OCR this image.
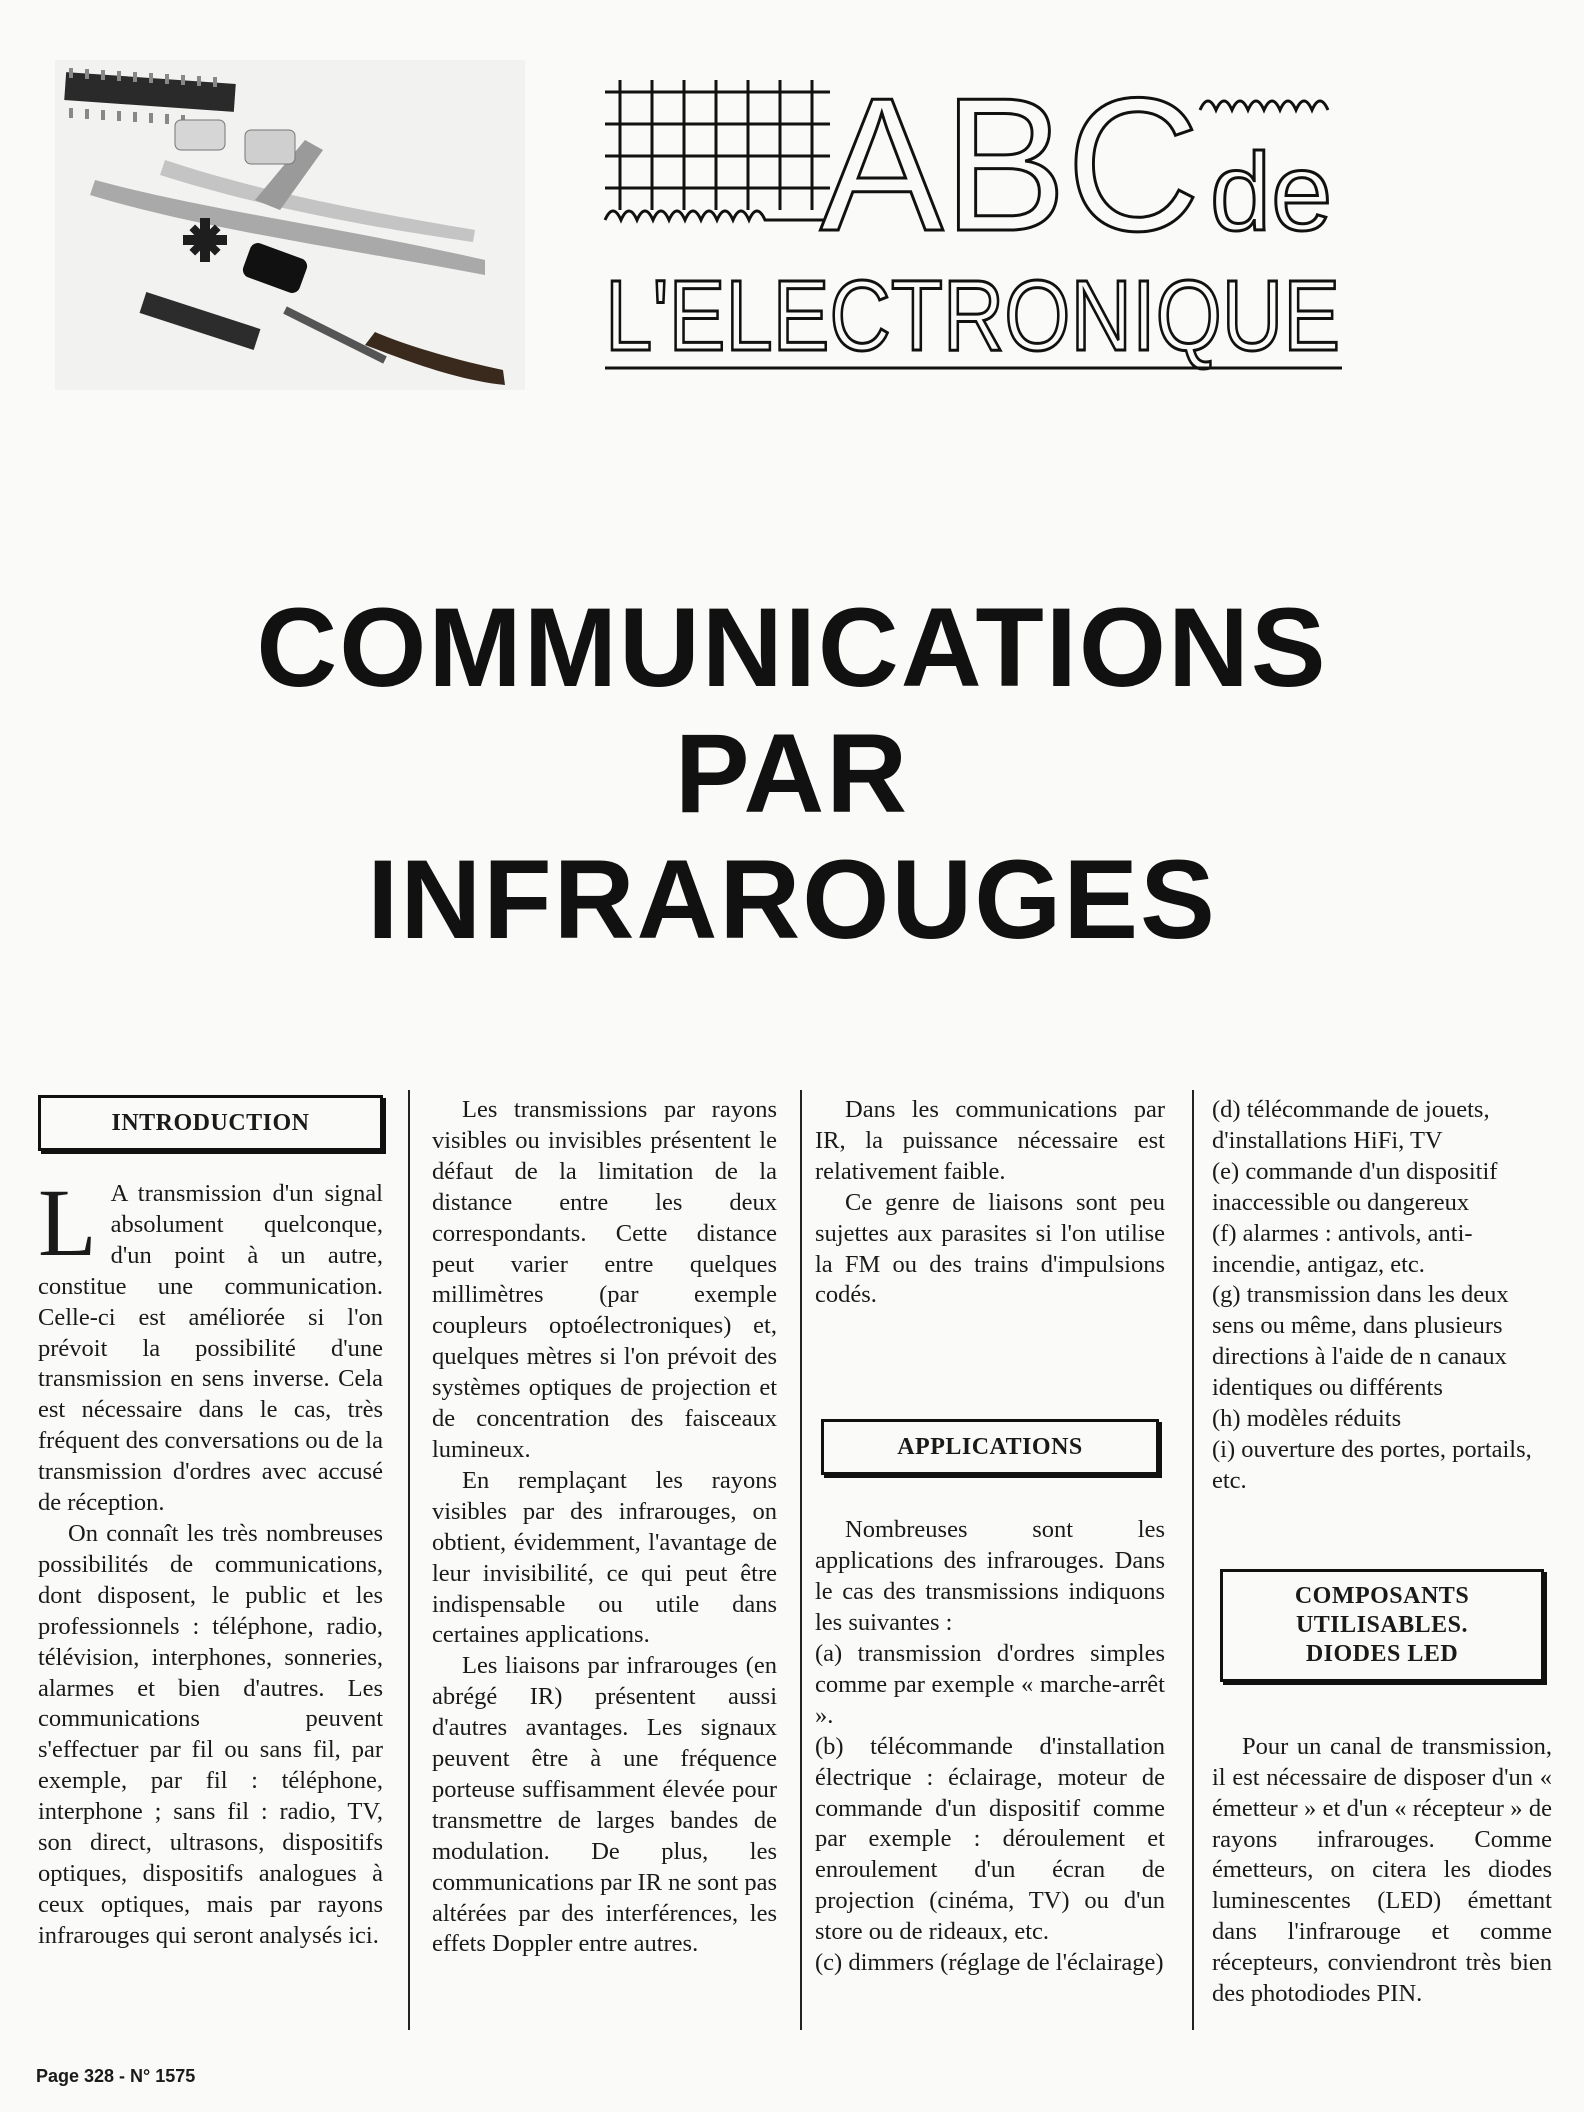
ABC de
L'ELECTRONIQUE
COMMUNICATIONS
PAR
INFRAROUGES
INTRODUCTION

L A transmission d'un signal absolument quelconque, d'un point à un autre, constitue une communication. Celle-ci est améliorée si l'on prévoit la possibilité d'une transmission en sens inverse. Cela est nécessaire dans le cas, très fréquent des conversations ou de la transmission d'ordres avec accusé de réception.

On connaît les très nombreuses possibilités de communications, dont disposent, le public et les professionnels : téléphone, radio, télévision, interphones, sonneries, alarmes et bien d'autres. Les communications peuvent s'effectuer par fil ou sans fil, par exemple, par fil : téléphone, interphone ; sans fil : radio, TV, son direct, ultrasons, dispositifs optiques, dispositifs analogues à ceux optiques, mais par rayons infrarouges qui seront analysés ici.

Les transmissions par rayons visibles ou invisibles présentent le défaut de la limitation de la distance entre les deux correspondants. Cette distance peut varier entre quelques millimètres (par exemple coupleurs optoélectroniques) et, quelques mètres si l'on prévoit des systèmes optiques de projection et de concentration des faisceaux lumineux.

En remplaçant les rayons visibles par des infrarouges, on obtient, évidemment, l'avantage de leur invisibilité, ce qui peut être indispensable ou utile dans certaines applications.

Les liaisons par infrarouges (en abrégé IR) présentent aussi d'autres avantages. Les signaux peuvent être à une fréquence porteuse suffisamment élevée pour transmettre de larges bandes de modulation. De plus, les communications par IR ne sont pas altérées par des interférences, les effets Doppler entre autres.

Dans les communications par IR, la puissance nécessaire est relativement faible.

Ce genre de liaisons sont peu sujettes aux parasites si l'on utilise la FM ou des trains d'impulsions codés.

APPLICATIONS

Nombreuses sont les applications des infrarouges. Dans le cas des transmissions indiquons les suivantes :

(a) transmission d'ordres simples comme par exemple « marche-arrêt ».

(b) télécommande d'installation électrique : éclairage, moteur de commande d'un dispositif comme par exemple : déroulement et enroulement d'un écran de projection (cinéma, TV) ou d'un store ou de rideaux, etc.

(c) dimmers (réglage de l'éclairage)

(d) télécommande de jouets, d'installations HiFi, TV

(e) commande d'un dispositif inaccessible ou dangereux

(f) alarmes : antivols, anti-incendie, antigaz, etc.

(g) transmission dans les deux sens ou même, dans plusieurs directions à l'aide de n canaux identiques ou différents

(h) modèles réduits

(i) ouverture des portes, portails, etc.

COMPOSANTS
UTILISABLES.
DIODES LED

Pour un canal de transmission, il est nécessaire de disposer d'un « émetteur » et d'un « récepteur » de rayons infrarouges. Comme émetteurs, on citera les diodes luminescentes (LED) émettant dans l'infrarouge et comme récepteurs, conviendront très bien des photodiodes PIN.

Page 328 - N° 1575
